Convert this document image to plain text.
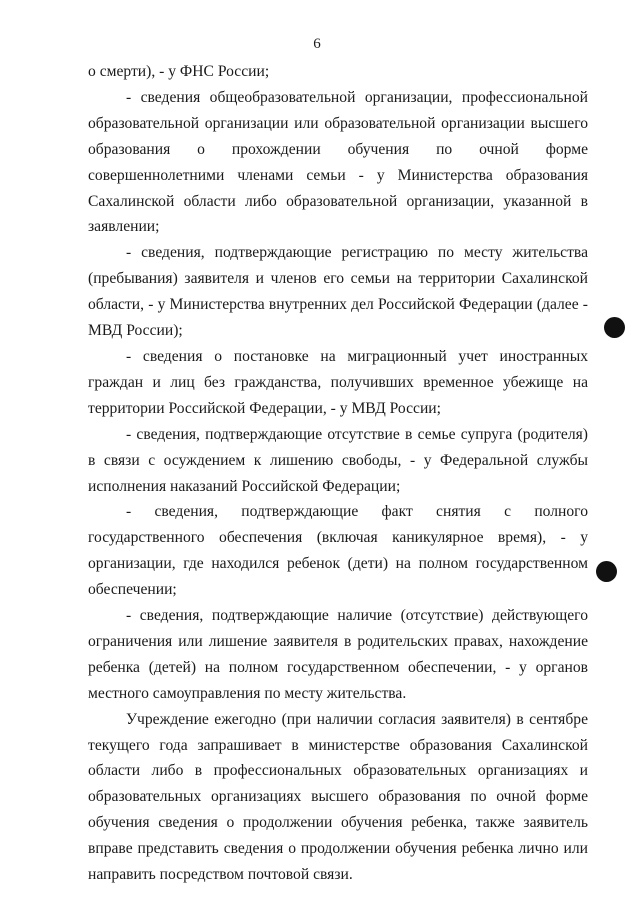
6

о смерти), - у ФНС России;

- сведения общеобразовательной организации, профессиональной образовательной организации или образовательной организации высшего образования о прохождении обучения по очной форме совершеннолетними членами семьи - у Министерства образования Сахалинской области либо образовательной организации, указанной в заявлении;

- сведения, подтверждающие регистрацию по месту жительства (пребывания) заявителя и членов его семьи на территории Сахалинской области, - у Министерства внутренних дел Российской Федерации (далее - МВД России);

- сведения о постановке на миграционный учет иностранных граждан и лиц без гражданства, получивших временное убежище на территории Российской Федерации, - у МВД России;

- сведения, подтверждающие отсутствие в семье супруга (родителя) в связи с осуждением к лишению свободы, - у Федеральной службы исполнения наказаний Российской Федерации;

- сведения, подтверждающие факт снятия с полного государственного обеспечения (включая каникулярное время), - у организации, где находился ребенок (дети) на полном государственном обеспечении;

- сведения, подтверждающие наличие (отсутствие) действующего ограничения или лишение заявителя в родительских правах, нахождение ребенка (детей) на полном государственном обеспечении, - у органов местного самоуправления по месту жительства.

Учреждение ежегодно (при наличии согласия заявителя) в сентябре текущего года запрашивает в министерстве образования Сахалинской области либо в профессиональных образовательных организациях и образовательных организациях высшего образования по очной форме обучения сведения о продолжении обучения ребенка, также заявитель вправе представить сведения о продолжении обучения ребенка лично или направить посредством почтовой связи.
